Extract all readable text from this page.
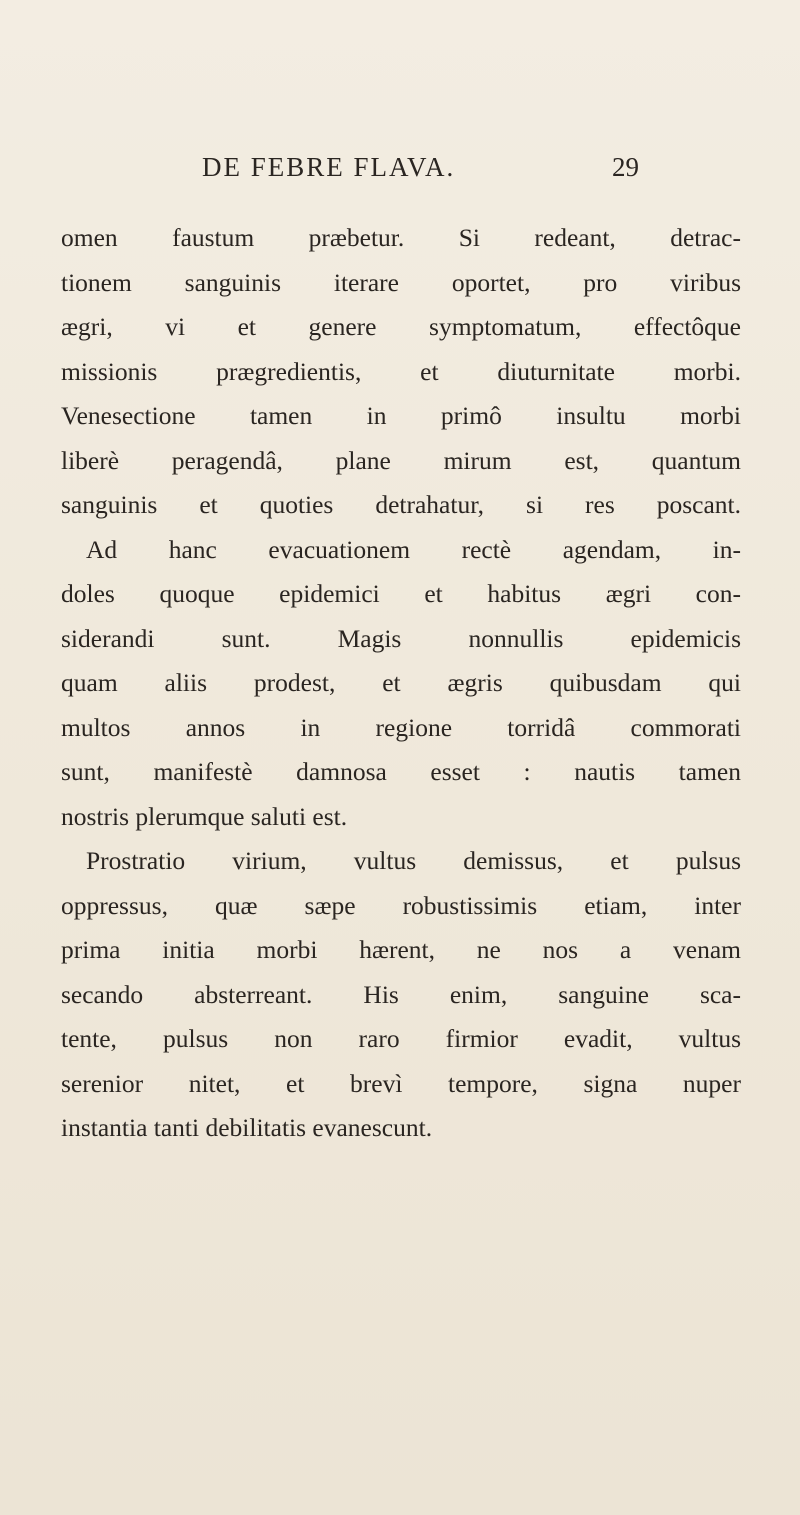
DE FEBRE FLAVA.	29
omen faustum præbetur. Si redeant, detrac-
tionem sanguinis iterare oportet, pro viribus
ægri, vi et genere symptomatum, effectôque
missionis prægredientis, et diuturnitate morbi.
Venesectione tamen in primô insultu morbi
liberè peragendâ, plane mirum est, quantum
sanguinis et quoties detrahatur, si res poscant.
Ad hanc evacuationem rectè agendam, in-
doles quoque epidemici et habitus ægri con-
siderandi sunt. Magis nonnullis epidemicis
quam aliis prodest, et ægris quibusdam qui
multos annos in regione torridâ commorati
sunt, manifestè damnosa esset : nautis tamen
nostris plerumque saluti est.
Prostratio virium, vultus demissus, et pulsus
oppressus, quæ sæpe robustissimis etiam, inter
prima initia morbi hærent, ne nos a venam
secando absterreant. His enim, sanguine sca-
tente, pulsus non raro firmior evadit, vultus
serenior nitet, et brevì tempore, signa nuper
instantia tanti debilitatis evanescunt.
